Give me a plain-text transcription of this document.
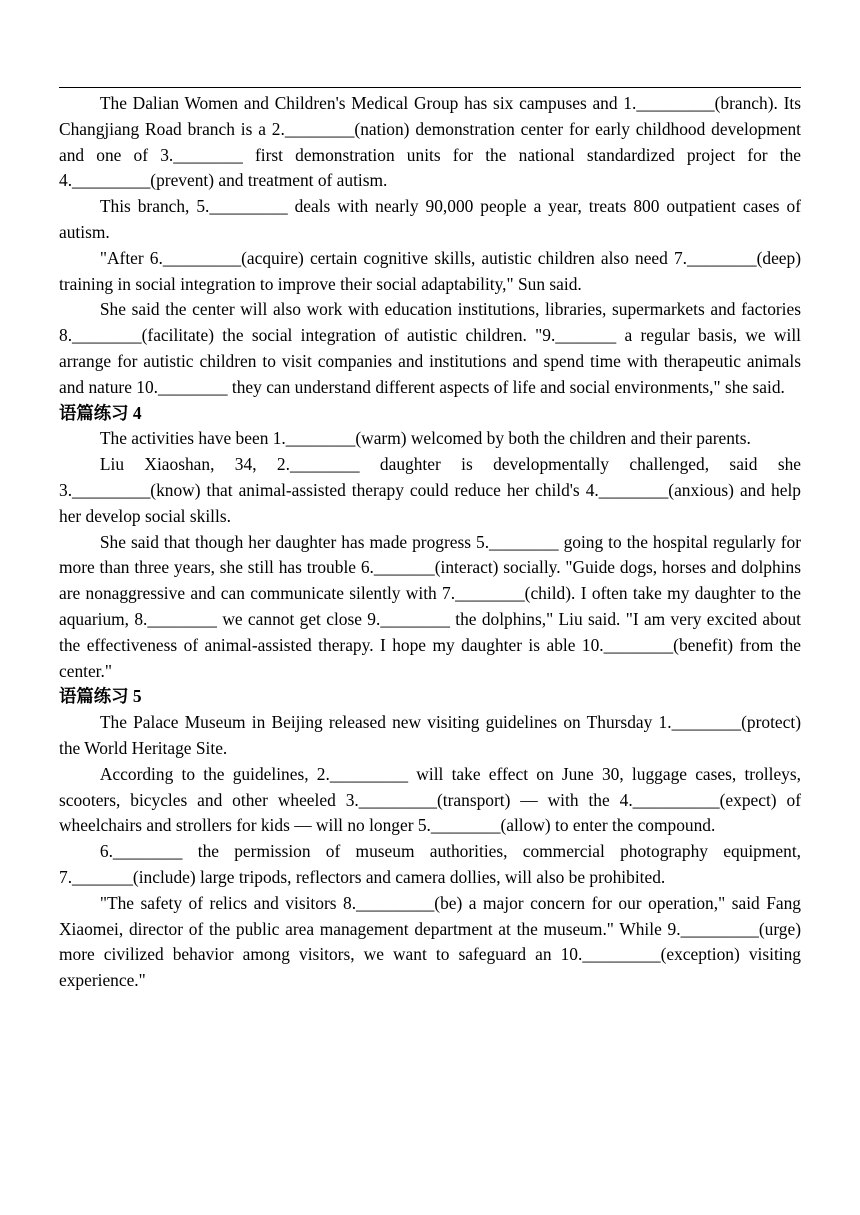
The Dalian Women and Children's Medical Group has six campuses and 1._________(branch). Its Changjiang Road branch is a 2.________(nation) demonstration center for early childhood development and one of 3.________ first demonstration units for the national standardized project for the 4._________(prevent) and treatment of autism.

This branch, 5._________ deals with nearly 90,000 people a year, treats 800 outpatient cases of autism.

"After 6._________(acquire) certain cognitive skills, autistic children also need 7.________(deep) training in social integration to improve their social adaptability," Sun said.

She said the center will also work with education institutions, libraries, supermarkets and factories 8.________(facilitate) the social integration of autistic children. "9._______ a regular basis, we will arrange for autistic children to visit companies and institutions and spend time with therapeutic animals and nature 10.________ they can understand different aspects of life and social environments," she said.

语篇练习 4

The activities have been 1.________(warm) welcomed by both the children and their parents.

Liu Xiaoshan, 34, 2.________ daughter is developmentally challenged, said she 3._________(know) that animal-assisted therapy could reduce her child's 4.________(anxious) and help her develop social skills.

She said that though her daughter has made progress 5.________ going to the hospital regularly for more than three years, she still has trouble 6._______(interact) socially. "Guide dogs, horses and dolphins are nonaggressive and can communicate silently with 7.________(child). I often take my daughter to the aquarium, 8.________ we cannot get close 9.________ the dolphins," Liu said. "I am very excited about the effectiveness of animal-assisted therapy. I hope my daughter is able 10.________(benefit) from the center."

语篇练习 5

The Palace Museum in Beijing released new visiting guidelines on Thursday 1.________(protect) the World Heritage Site.

According to the guidelines, 2._________ will take effect on June 30, luggage cases, trolleys, scooters, bicycles and other wheeled 3._________(transport) — with the 4.__________(expect) of wheelchairs and strollers for kids — will no longer 5.________(allow) to enter the compound.

6.________ the permission of museum authorities, commercial photography equipment, 7._______(include) large tripods, reflectors and camera dollies, will also be prohibited.

"The safety of relics and visitors 8._________(be) a major concern for our operation," said Fang Xiaomei, director of the public area management department at the museum." While 9._________(urge) more civilized behavior among visitors, we want to safeguard an 10._________(exception) visiting experience."
